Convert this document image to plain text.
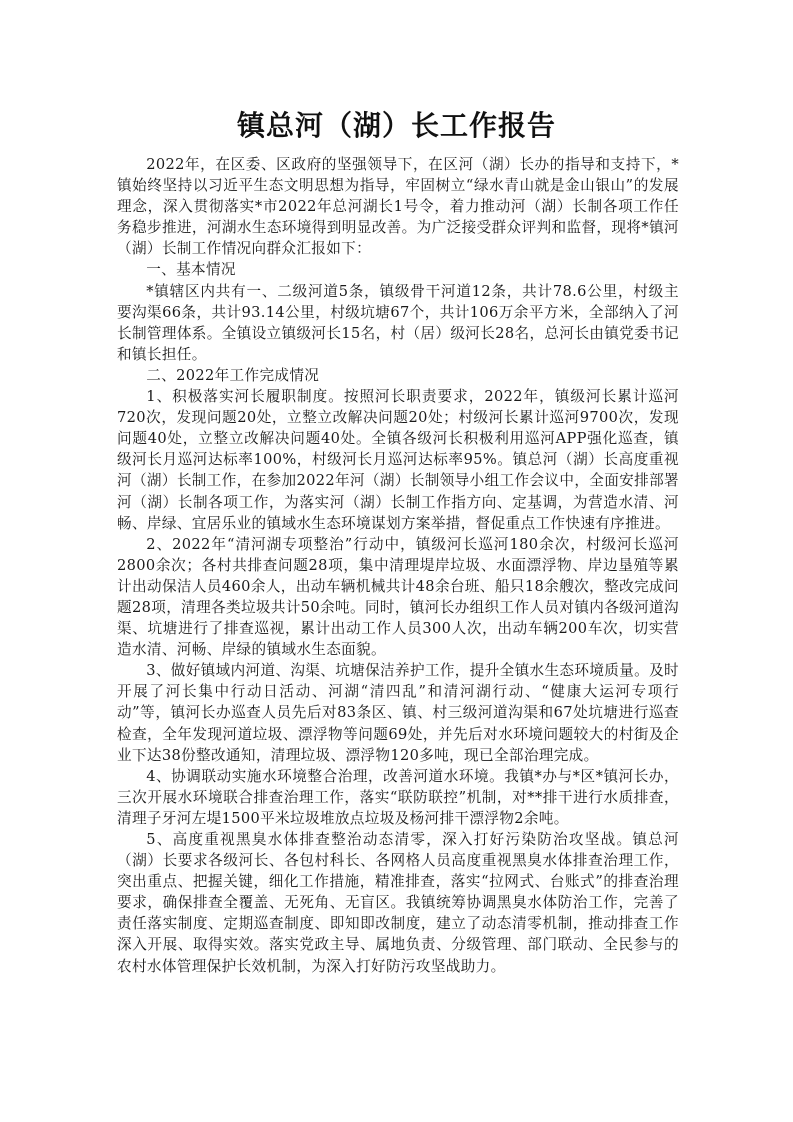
镇总河（湖）长工作报告

2022年，在区委、区政府的坚强领导下，在区河（湖）长办的指导和支持下，*镇始终坚持以习近平生态文明思想为指导，牢固树立“绿水青山就是金山银山”的发展理念，深入贯彻落实*市2022年总河湖长1号令，着力推动河（湖）长制各项工作任务稳步推进，河湖水生态环境得到明显改善。为广泛接受群众评判和监督，现将*镇河（湖）长制工作情况向群众汇报如下：

一、基本情况

*镇辖区内共有一、二级河道5条，镇级骨干河道12条，共计78.6公里，村级主要沟渠66条，共计93.14公里，村级坑塘67个，共计106万余平方米，全部纳入了河长制管理体系。全镇设立镇级河长15名，村（居）级河长28名，总河长由镇党委书记和镇长担任。

二、2022年工作完成情况

1、积极落实河长履职制度。按照河长职责要求，2022年，镇级河长累计巡河720次，发现问题20处，立整立改解决问题20处；村级河长累计巡河9700次，发现问题40处，立整立改解决问题40处。全镇各级河长积极利用巡河APP强化巡查，镇级河长月巡河达标率100%，村级河长月巡河达标率95%。镇总河（湖）长高度重视河（湖）长制工作，在参加2022年河（湖）长制领导小组工作会议中，全面安排部署河（湖）长制各项工作，为落实河（湖）长制工作指方向、定基调，为营造水清、河畅、岸绿、宜居乐业的镇域水生态环境谋划方案举措，督促重点工作快速有序推进。

2、2022年“清河湖专项整治”行动中，镇级河长巡河180余次，村级河长巡河2800余次；各村共排查问题28项，集中清理堤岸垃圾、水面漂浮物、岸边垦殖等累计出动保洁人员460余人，出动车辆机械共计48余台班、船只18余艘次，整改完成问题28项，清理各类垃圾共计50余吨。同时，镇河长办组织工作人员对镇内各级河道沟渠、坑塘进行了排查巡视，累计出动工作人员300人次，出动车辆200车次，切实营造水清、河畅、岸绿的镇域水生态面貌。

3、做好镇域内河道、沟渠、坑塘保洁养护工作，提升全镇水生态环境质量。及时开展了河长集中行动日活动、河湖“清四乱”和清河湖行动、“健康大运河专项行动”等，镇河长办巡查人员先后对83条区、镇、村三级河道沟渠和67处坑塘进行巡查检查，全年发现河道垃圾、漂浮物等问题69处，并先后对水环境问题较大的村街及企业下达38份整改通知，清理垃圾、漂浮物120多吨，现已全部治理完成。

4、协调联动实施水环境整合治理，改善河道水环境。我镇*办与*区*镇河长办，三次开展水环境联合排查治理工作，落实“联防联控”机制，对**排干进行水质排查，清理子牙河左堤1500平米垃圾堆放点垃圾及杨河排干漂浮物2余吨。

5、高度重视黑臭水体排查整治动态清零，深入打好污染防治攻坚战。镇总河（湖）长要求各级河长、各包村科长、各网格人员高度重视黑臭水体排查治理工作，突出重点、把握关键，细化工作措施，精准排查，落实“拉网式、台账式”的排查治理要求，确保排查全覆盖、无死角、无盲区。我镇统筹协调黑臭水体防治工作，完善了责任落实制度、定期巡查制度、即知即改制度，建立了动态清零机制，推动排查工作深入开展、取得实效。落实党政主导、属地负责、分级管理、部门联动、全民参与的农村水体管理保护长效机制，为深入打好防污攻坚战助力。
